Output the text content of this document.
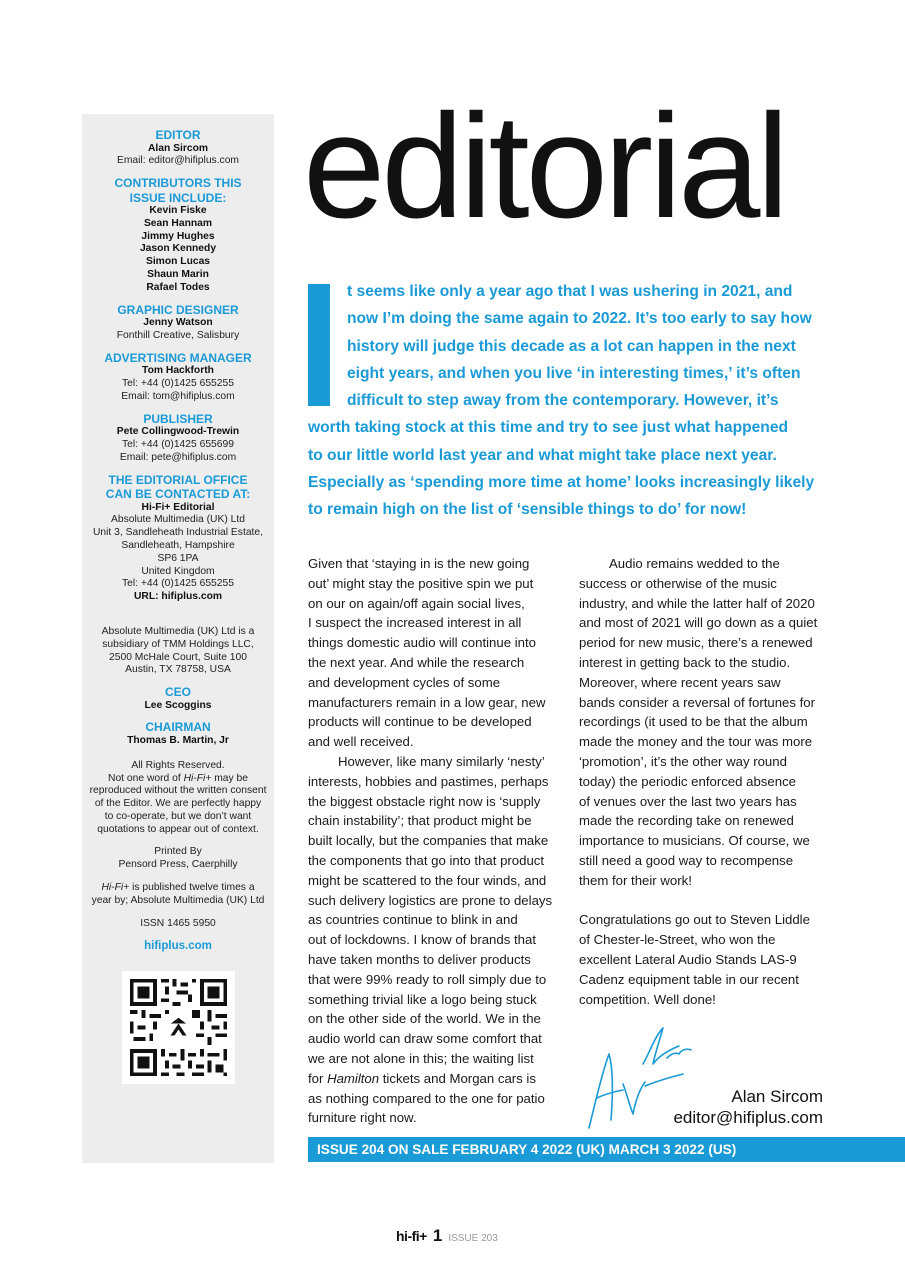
EDITOR
Alan Sircom
Email: editor@hifiplus.com
CONTRIBUTORS THIS
ISSUE INCLUDE:
Kevin Fiske
Sean Hannam
Jimmy Hughes
Jason Kennedy
Simon Lucas
Shaun Marin
Rafael Todes
GRAPHIC DESIGNER
Jenny Watson
Fonthill Creative, Salisbury
ADVERTISING MANAGER
Tom Hackforth
Tel: +44 (0)1425 655255
Email: tom@hifiplus.com
PUBLISHER
Pete Collingwood-Trewin
Tel: +44 (0)1425 655699
Email: pete@hifiplus.com
THE EDITORIAL OFFICE
CAN BE CONTACTED AT:
Hi-Fi+ Editorial
Absolute Multimedia (UK) Ltd
Unit 3, Sandleheath Industrial Estate,
Sandleheath, Hampshire
SP6 1PA
United Kingdom
Tel: +44 (0)1425 655255
URL: hifiplus.com
Absolute Multimedia (UK) Ltd is a
subsidiary of TMM Holdings LLC,
2500 McHale Court, Suite 100
Austin, TX 78758, USA
CEO
Lee Scoggins
CHAIRMAN
Thomas B. Martin, Jr
All Rights Reserved.
Not one word of Hi-Fi+ may be
reproduced without the written consent
of the Editor. We are perfectly happy
to co-operate, but we don’t want
quotations to appear out of context.
Printed By
Pensord Press, Caerphilly
Hi-Fi+ is published twelve times a
year by; Absolute Multimedia (UK) Ltd
ISSN 1465 5950
hifiplus.com
editorial
t seems like only a year ago that I was ushering in 2021, and
now I’m doing the same again to 2022. It’s too early to say how
history will judge this decade as a lot can happen in the next
eight years, and when you live ‘in interesting times,’ it’s often
difficult to step away from the contemporary. However, it’s
worth taking stock at this time and try to see just what happened
to our little world last year and what might take place next year.
Especially as ‘spending more time at home’ looks increasingly likely
to remain high on the list of ‘sensible things to do’ for now!
Given that ‘staying in is the new going
out’ might stay the positive spin we put
on our on again/off again social lives,
I suspect the increased interest in all
things domestic audio will continue into
the next year. And while the research
and development cycles of some
manufacturers remain in a low gear, new
products will continue to be developed
and well received.
However, like many similarly ‘nesty’
interests, hobbies and pastimes, perhaps
the biggest obstacle right now is ‘supply
chain instability’; that product might be
built locally, but the companies that make
the components that go into that product
might be scattered to the four winds, and
such delivery logistics are prone to delays
as countries continue to blink in and
out of lockdowns. I know of brands that
have taken months to deliver products
that were 99% ready to roll simply due to
something trivial like a logo being stuck
on the other side of the world. We in the
audio world can draw some comfort that
we are not alone in this; the waiting list
for Hamilton tickets and Morgan cars is
as nothing compared to the one for patio
furniture right now.
Audio remains wedded to the
success or otherwise of the music
industry, and while the latter half of 2020
and most of 2021 will go down as a quiet
period for new music, there’s a renewed
interest in getting back to the studio.
Moreover, where recent years saw
bands consider a reversal of fortunes for
recordings (it used to be that the album
made the money and the tour was more
‘promotion’, it’s the other way round
today) the periodic enforced absence
of venues over the last two years has
made the recording take on renewed
importance to musicians. Of course, we
still need a good way to recompense
them for their work!
Congratulations go out to Steven Liddle
of Chester-le-Street, who won the
excellent Lateral Audio Stands LAS-9
Cadenz equipment table in our recent
competition. Well done!
Alan Sircom
editor@hifiplus.com
ISSUE 204 ON SALE FEBRUARY 4 2022 (UK) MARCH 3 2022 (US)
hi-fi+ 1 ISSUE 203
